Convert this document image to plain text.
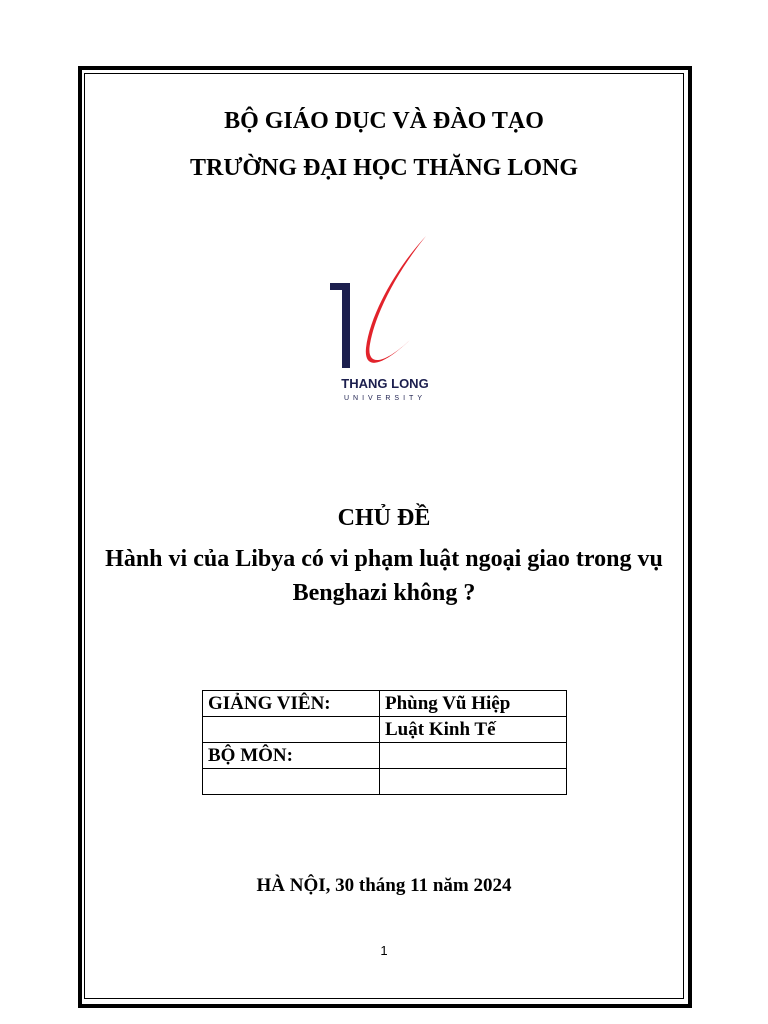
BỘ GIÁO DỤC VÀ ĐÀO TẠO
TRƯỜNG ĐẠI HỌC THĂNG LONG
THANG LONG
UNIVERSITY
CHỦ ĐỀ
Hành vi của Libya có vi phạm luật ngoại giao trong vụ
Benghazi không ?
GIẢNG VIÊN:	Phùng Vũ Hiệp
	Luật Kinh Tế
BỘ MÔN:	

HÀ NỘI, 30 tháng 11 năm 2024
1
